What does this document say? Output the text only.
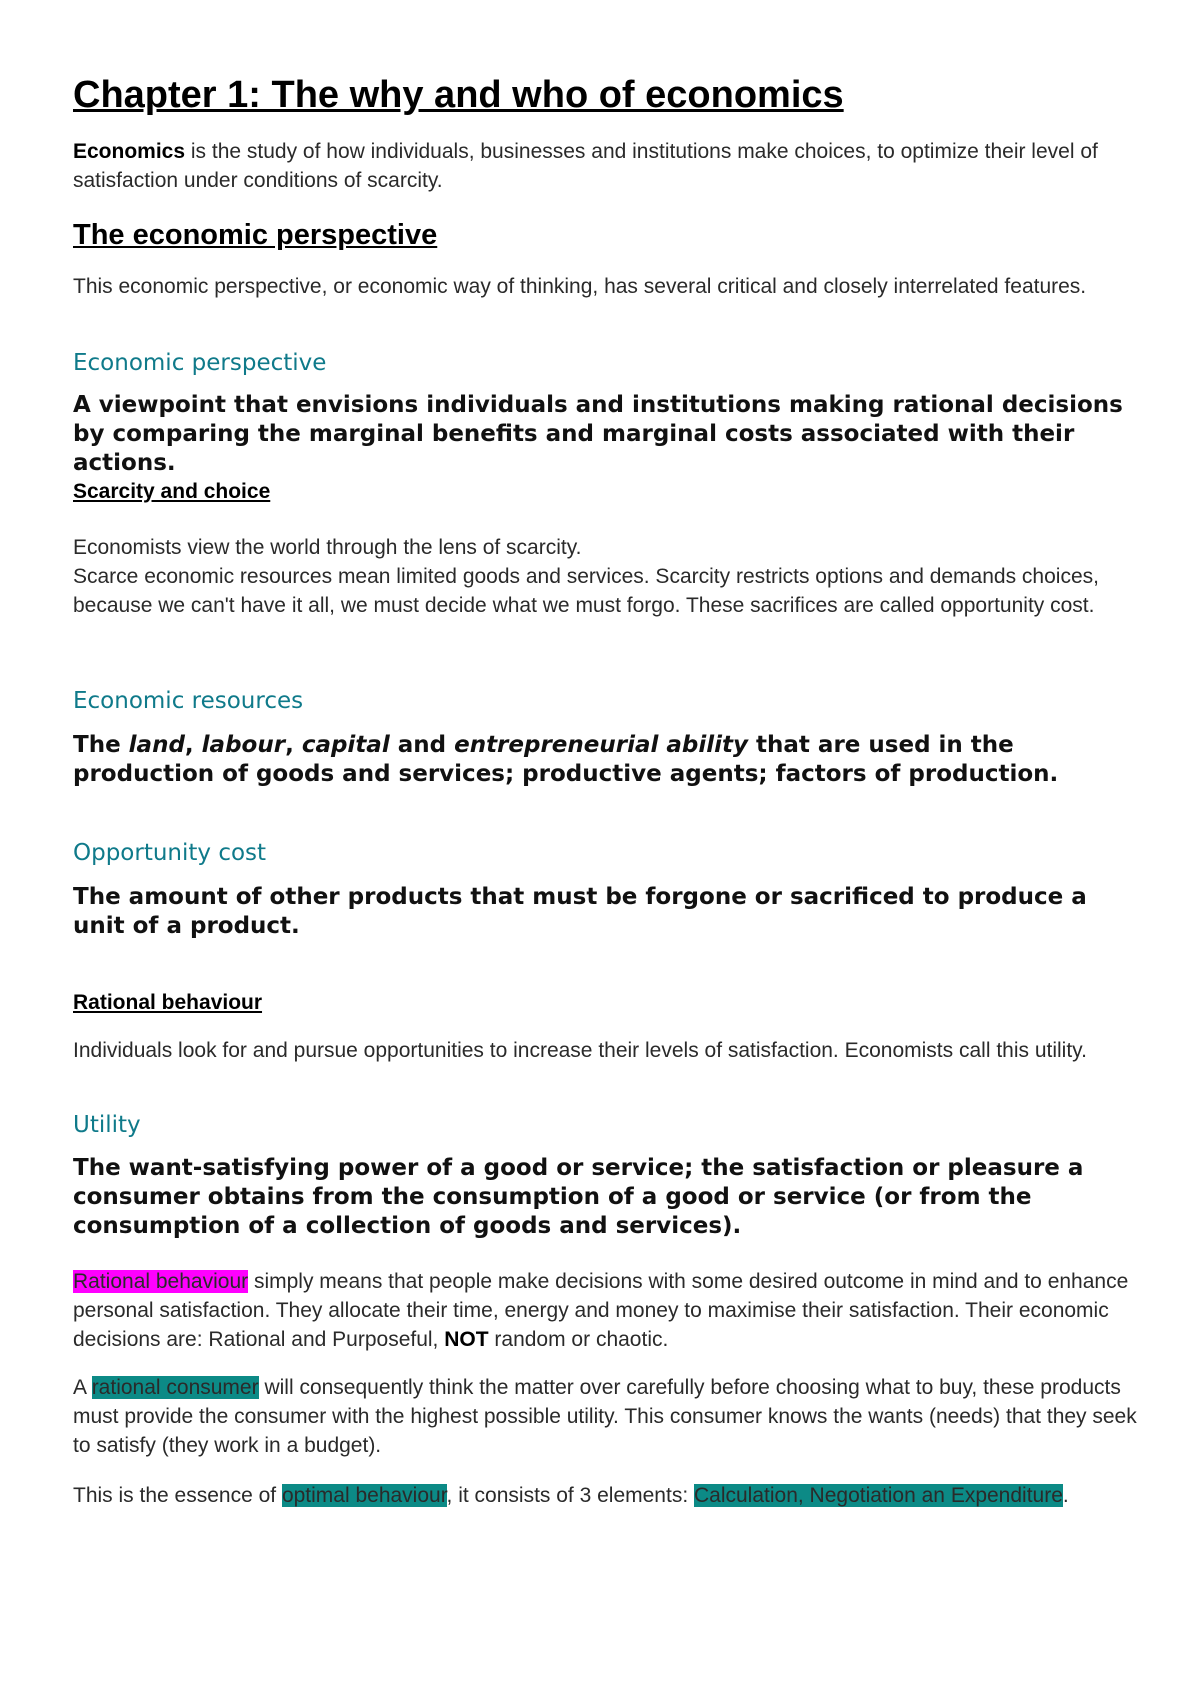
Chapter 1: The why and who of economics
Economics is the study of how individuals, businesses and institutions make choices, to optimize their level of satisfaction under conditions of scarcity.
The economic perspective
This economic perspective, or economic way of thinking, has several critical and closely interrelated features.
Economic perspective
A viewpoint that envisions individuals and institutions making rational decisions by comparing the marginal benefits and marginal costs associated with their actions.
Scarcity and choice
Economists view the world through the lens of scarcity.
Scarce economic resources mean limited goods and services. Scarcity restricts options and demands choices, because we can't have it all, we must decide what we must forgo. These sacrifices are called opportunity cost.
Economic resources
The land, labour, capital and entrepreneurial ability that are used in the production of goods and services; productive agents; factors of production.
Opportunity cost
The amount of other products that must be forgone or sacrificed to produce a unit of a product.
Rational behaviour
Individuals look for and pursue opportunities to increase their levels of satisfaction. Economists call this utility.
Utility
The want-satisfying power of a good or service; the satisfaction or pleasure a consumer obtains from the consumption of a good or service (or from the consumption of a collection of goods and services).
Rational behaviour simply means that people make decisions with some desired outcome in mind and to enhance personal satisfaction. They allocate their time, energy and money to maximise their satisfaction. Their economic decisions are: Rational and Purposeful, NOT random or chaotic.
A rational consumer will consequently think the matter over carefully before choosing what to buy, these products must provide the consumer with the highest possible utility. This consumer knows the wants (needs) that they seek to satisfy (they work in a budget).
This is the essence of optimal behaviour, it consists of 3 elements: Calculation, Negotiation an Expenditure.
